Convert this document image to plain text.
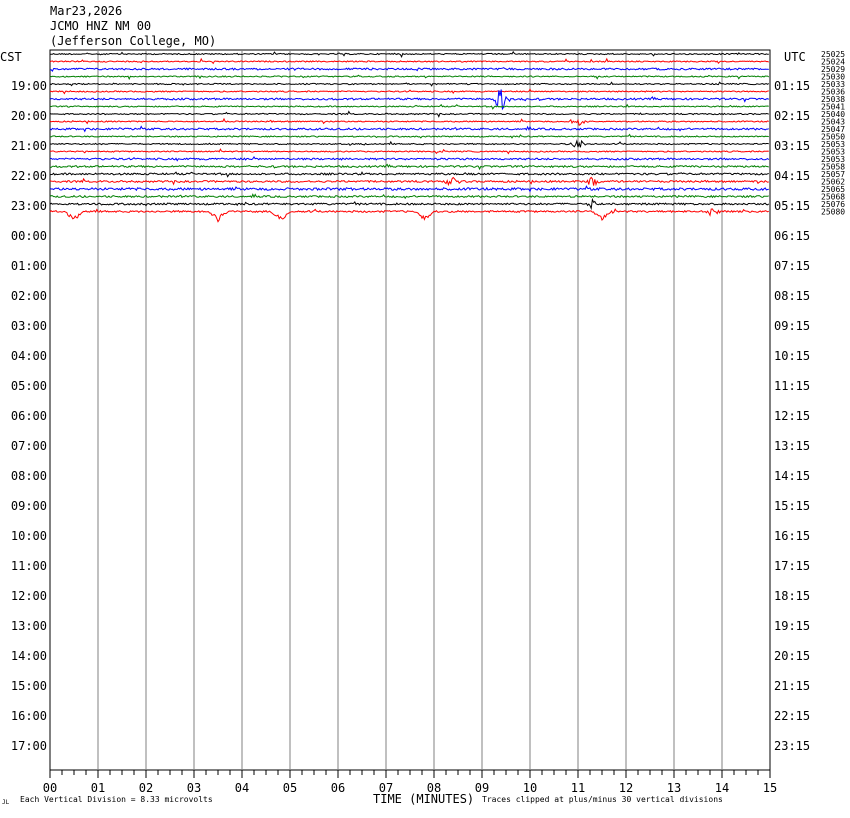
Mar23,2026
JCMO HNZ NM 00
(Jefferson College, MO)
00	01	02	03	04	05	06	07	08	09	10	11	12	13	14	15
CST	UTC
19:00
20:00
21:00
22:00
23:00
00:00
01:00
02:00
03:00
04:00
05:00
06:00
07:00
08:00
09:00
10:00
11:00
12:00
13:00
14:00
15:00
16:00
17:00
01:15
02:15
03:15
04:15
05:15
06:15
07:15
08:15
09:15
10:15
11:15
12:15
13:15
14:15
15:15
16:15
17:15
18:15
19:15
20:15
21:15
22:15
23:15
25025
25024
25029
25030
25033
25036
25038
25041
25040
25043
25047
25050
25053
25053
25053
25058
25057
25062
25065
25068
25076
25080
JL Each Vertical Division = 8.33 microvolts	TIME (MINUTES) Traces clipped at plus/minus 30 vertical divisions
